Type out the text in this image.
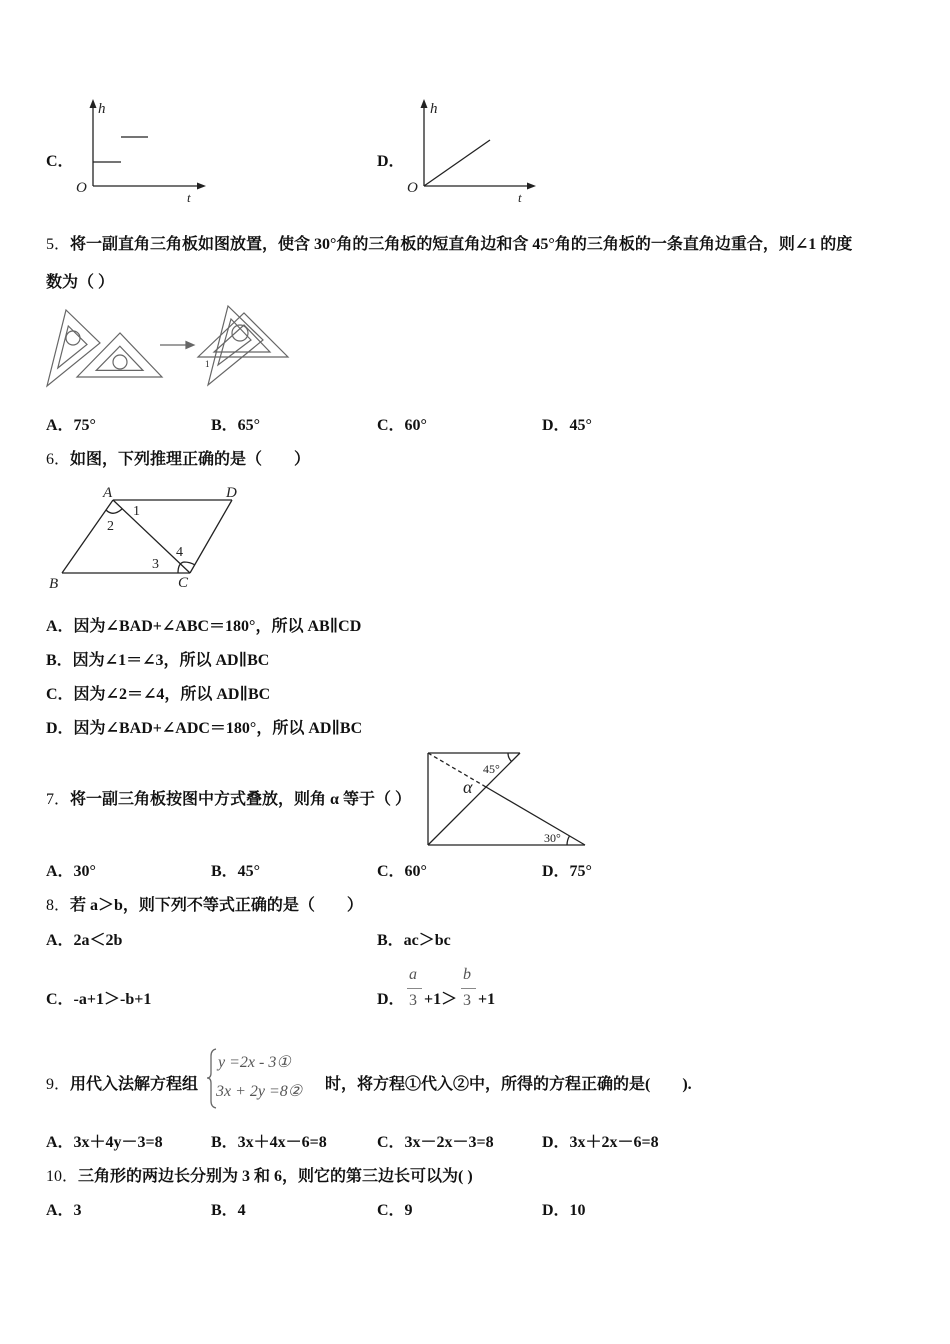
C．
h
O
t
D．
h
O
t
5．将一副直角三角板如图放置，使含 30°角的三角板的短直角边和含 45°角的三角板的一条直角边重合，则∠1 的度
数为（ ）
1
A．75°	B．65°	C．60°	D．45°
6．如图，下列推理正确的是（　　）
A	D
B	C
1
2
3
4
A．因为∠BAD+∠ABC＝180°，所以 AB∥CD
B．因为∠1＝∠3，所以 AD∥BC
C．因为∠2＝∠4，所以 AD∥BC
D．因为∠BAD+∠ADC＝180°，所以 AD∥BC
7．将一副三角板按图中方式叠放，则角 α 等于（ ）
45°
α
30°
A．30°	B．45°	C．60°	D．75°
8．若 a＞b，则下列不等式正确的是（　　）
A．2a＜2b	B．ac＞bc
C．-a+1＞-b+1	D．
a
3 +1＞
b
3 +1
9．用代入法解方程组
y =2x - 3①
3x + 2y =8② 时，将方程①代入②中，所得的方程正确的是(　　).
A．3x＋4y－3=8	B．3x＋4x－6=8	C．3x－2x－3=8	D．3x＋2x－6=8
10．三角形的两边长分别为 3 和 6，则它的第三边长可以为( )
A．3	B．4	C．9	D．10
